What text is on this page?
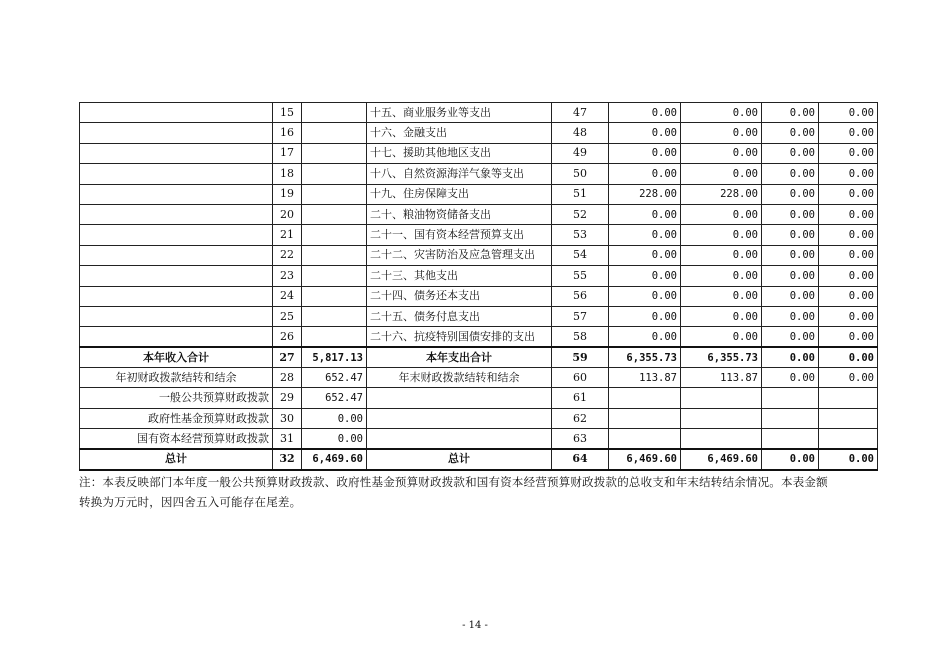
	15		十五、商业服务业等支出	47	0.00	0.00	0.00	0.00
	16		十六、金融支出	48	0.00	0.00	0.00	0.00
	17		十七、援助其他地区支出	49	0.00	0.00	0.00	0.00
	18		十八、自然资源海洋气象等支出	50	0.00	0.00	0.00	0.00
	19		十九、住房保障支出	51	228.00	228.00	0.00	0.00
	20		二十、粮油物资储备支出	52	0.00	0.00	0.00	0.00
	21		二十一、国有资本经营预算支出	53	0.00	0.00	0.00	0.00
	22		二十二、灾害防治及应急管理支出	54	0.00	0.00	0.00	0.00
	23		二十三、其他支出	55	0.00	0.00	0.00	0.00
	24		二十四、债务还本支出	56	0.00	0.00	0.00	0.00
	25		二十五、债务付息支出	57	0.00	0.00	0.00	0.00
	26		二十六、抗疫特别国债安排的支出	58	0.00	0.00	0.00	0.00
本年收入合计	27	5,817.13	本年支出合计	59	6,355.73	6,355.73	0.00	0.00
年初财政拨款结转和结余	28	652.47	年末财政拨款结转和结余	60	113.87	113.87	0.00	0.00
一般公共预算财政拨款	29	652.47		61				
政府性基金预算财政拨款	30	0.00		62				
国有资本经营预算财政拨款	31	0.00		63				
总计	32	6,469.60	总计	64	6,469.60	6,469.60	0.00	0.00
注：本表反映部门本年度一般公共预算财政拨款、政府性基金预算财政拨款和国有资本经营预算财政拨款的总收支和年末结转结余情况。本表金额
转换为万元时，因四舍五入可能存在尾差。
- 14 -
